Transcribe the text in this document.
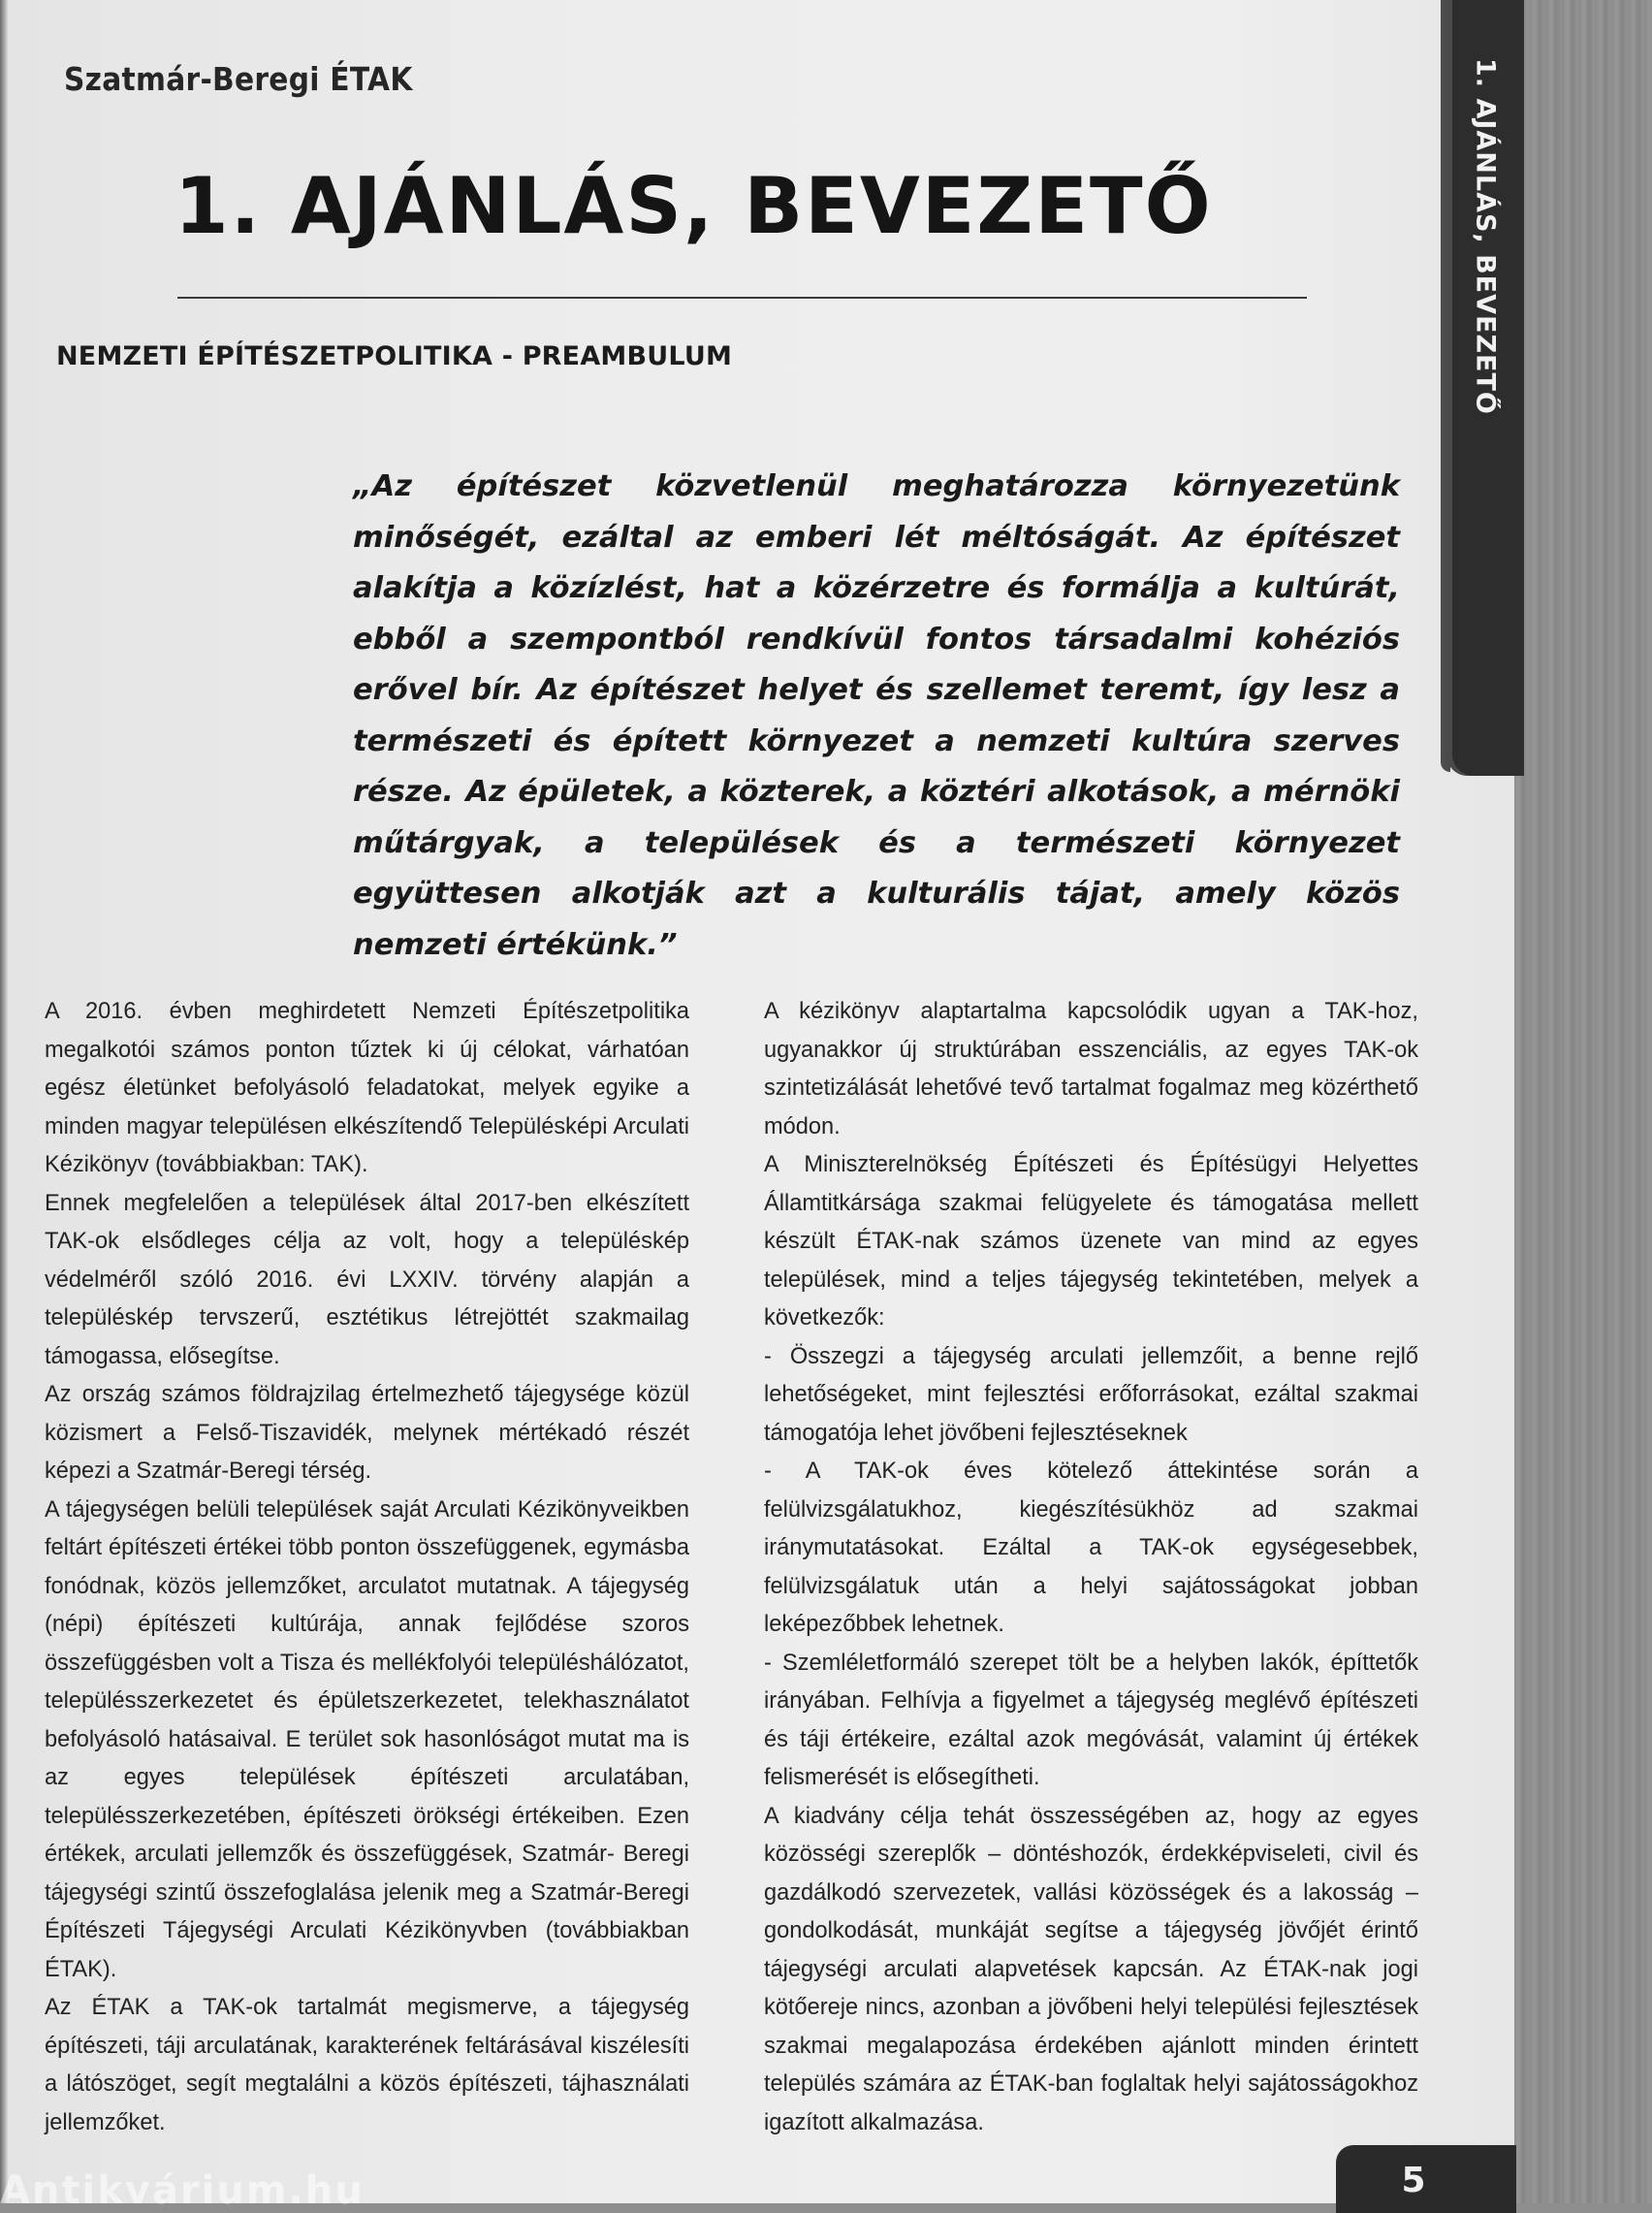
Szatmár-Beregi ÉTAK
1. AJÁNLÁS, BEVEZETŐ
NEMZETI ÉPÍTÉSZETPOLITIKA - PREAMBULUM
„Az építészet közvetlenül meghatározza környezetünk minőségét, ezáltal az emberi lét méltóságát. Az építészet alakítja a közízlést, hat a közérzetre és formálja a kultúrát, ebből a szempontból rendkívül fontos társadalmi kohéziós erővel bír. Az építészet helyet és szellemet teremt, így lesz a természeti és épített környezet a nemzeti kultúra szerves része. Az épületek, a közterek, a köztéri alkotások, a mérnöki műtárgyak, a települések és a természeti környezet együttesen alkotják azt a kulturális tájat, amely közös nemzeti értékünk.”

A 2016. évben meghirdetett Nemzeti Építészetpolitika megalkotói számos ponton tűztek ki új célokat, várhatóan egész életünket befolyásoló feladatokat, melyek egyike a minden magyar településen elkészítendő Településképi Arculati Kézikönyv (továbbiakban: TAK).

Ennek megfelelően a települések által 2017-ben elkészített TAK-ok elsődleges célja az volt, hogy a településkép védelméről szóló 2016. évi LXXIV. törvény alapján a településkép tervszerű, esztétikus létrejöttét szakmailag támogassa, elősegítse.

Az ország számos földrajzilag értelmezhető tájegysége közül közismert a Felső-Tiszavidék, melynek mértékadó részét képezi a Szatmár-Beregi térség.

A tájegységen belüli települések saját Arculati Kézikönyveikben feltárt építészeti értékei több ponton összefüggenek, egymásba fonódnak, közös jellemzőket, arculatot mutatnak. A tájegység (népi) építészeti kultúrája, annak fejlődése szoros összefüggésben volt a Tisza és mellékfolyói településhálózatot, településszerkezetet és épületszerkezetet, telekhasználatot befolyásoló hatásaival. E terület sok hasonlóságot mutat ma is az egyes települések építészeti arculatában, településszerkezetében, építészeti örökségi értékeiben. Ezen értékek, arculati jellemzők és összefüggések, Szatmár- Beregi tájegységi szintű összefoglalása jelenik meg a Szatmár-Beregi Építészeti Tájegységi Arculati Kézikönyvben (továbbiakban ÉTAK).

Az ÉTAK a TAK-ok tartalmát megismerve, a tájegység építészeti, táji arculatának, karakterének feltárásával kiszélesíti a látószöget, segít megtalálni a közös építészeti, tájhasználati jellemzőket.

A kézikönyv alaptartalma kapcsolódik ugyan a TAK-hoz, ugyanakkor új struktúrában esszenciális, az egyes TAK-ok szintetizálását lehetővé tevő tartalmat fogalmaz meg közérthető módon.

A Miniszterelnökség Építészeti és Építésügyi Helyettes Államtitkársága szakmai felügyelete és támogatása mellett készült ÉTAK-nak számos üzenete van mind az egyes települések, mind a teljes tájegység tekintetében, melyek a következők:

- Összegzi a tájegység arculati jellemzőit, a benne rejlő lehetőségeket, mint fejlesztési erőforrásokat, ezáltal szakmai támogatója lehet jövőbeni fejlesztéseknek

- A TAK-ok éves kötelező áttekintése során a felülvizsgálatukhoz, kiegészítésükhöz ad szakmai iránymutatásokat. Ezáltal a TAK-ok egységesebbek, felülvizsgálatuk után a helyi sajátosságokat jobban leképezőbbek lehetnek.

- Szemléletformáló szerepet tölt be a helyben lakók, építtetők irányában. Felhívja a figyelmet a tájegység meglévő építészeti és táji értékeire, ezáltal azok megóvását, valamint új értékek felismerését is elősegítheti.

A kiadvány célja tehát összességében az, hogy az egyes közösségi szereplők – döntéshozók, érdekképviseleti, civil és gazdálkodó szervezetek, vallási közösségek és a lakosság – gondolkodását, munkáját segítse a tájegység jövőjét érintő tájegységi arculati alapvetések kapcsán. Az ÉTAK-nak jogi kötőereje nincs, azonban a jövőbeni helyi települési fejlesztések szakmai megalapozása érdekében ajánlott minden érintett település számára az ÉTAK-ban foglaltak helyi sajátosságokhoz igazított alkalmazása.

Antikvárium.hu
1. AJÁNLÁS, BEVEZETŐ
5
